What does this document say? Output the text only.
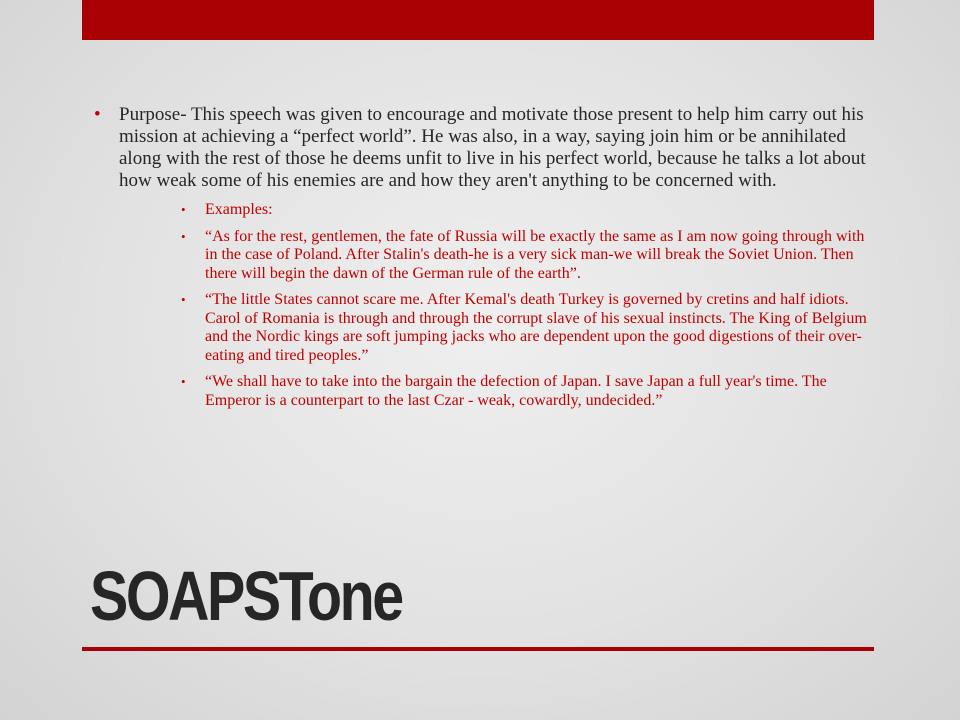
• Purpose- This speech was given to encourage and motivate those present to help him carry out his mission at achieving a “perfect world”. He was also, in a way, saying join him or be annihilated along with the rest of those he deems unfit to live in his perfect world, because he talks a lot about how weak some of his enemies are and how they aren't anything to be concerned with.
• Examples:
• “As for the rest, gentlemen, the fate of Russia will be exactly the same as I am now going through with in the case of Poland. After Stalin's death-he is a very sick man-we will break the Soviet Union. Then there will begin the dawn of the German rule of the earth”.
• “The little States cannot scare me. After Kemal's death Turkey is governed by cretins and half idiots. Carol of Romania is through and through the corrupt slave of his sexual instincts. The King of Belgium and the Nordic kings are soft jumping jacks who are dependent upon the good digestions of their over-eating and tired peoples.”
• “We shall have to take into the bargain the defection of Japan. I save Japan a full year's time. The Emperor is a counterpart to the last Czar - weak, cowardly, undecided.”
SOAPSTone
